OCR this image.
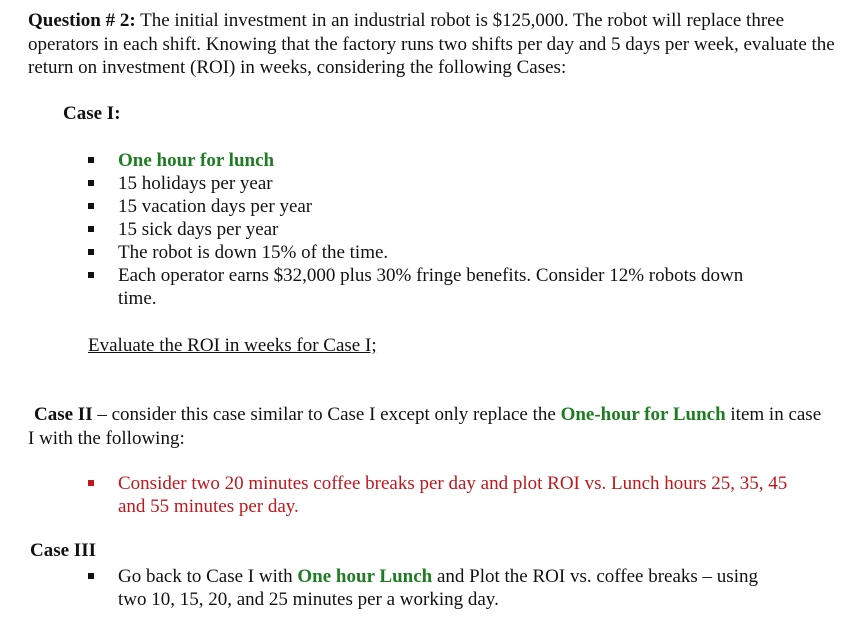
Question # 2: The initial investment in an industrial robot is $125,000. The robot will replace three operators in each shift. Knowing that the factory runs two shifts per day and 5 days per week, evaluate the return on investment (ROI) in weeks, considering the following Cases:

Case I:

One hour for lunch
15 holidays per year
15 vacation days per year
15 sick days per year
The robot is down 15% of the time.
Each operator earns $32,000 plus 30% fringe benefits. Consider 12% robots down time.

Evaluate the ROI in weeks for Case I;

Case II – consider this case similar to Case I except only replace the One-hour for Lunch item in case I with the following:

Consider two 20 minutes coffee breaks per day and plot ROI vs. Lunch hours 25, 35, 45 and 55 minutes per day.

Case III

Go back to Case I with One hour Lunch and Plot the ROI vs. coffee breaks – using two 10, 15, 20, and 25 minutes per a working day.
